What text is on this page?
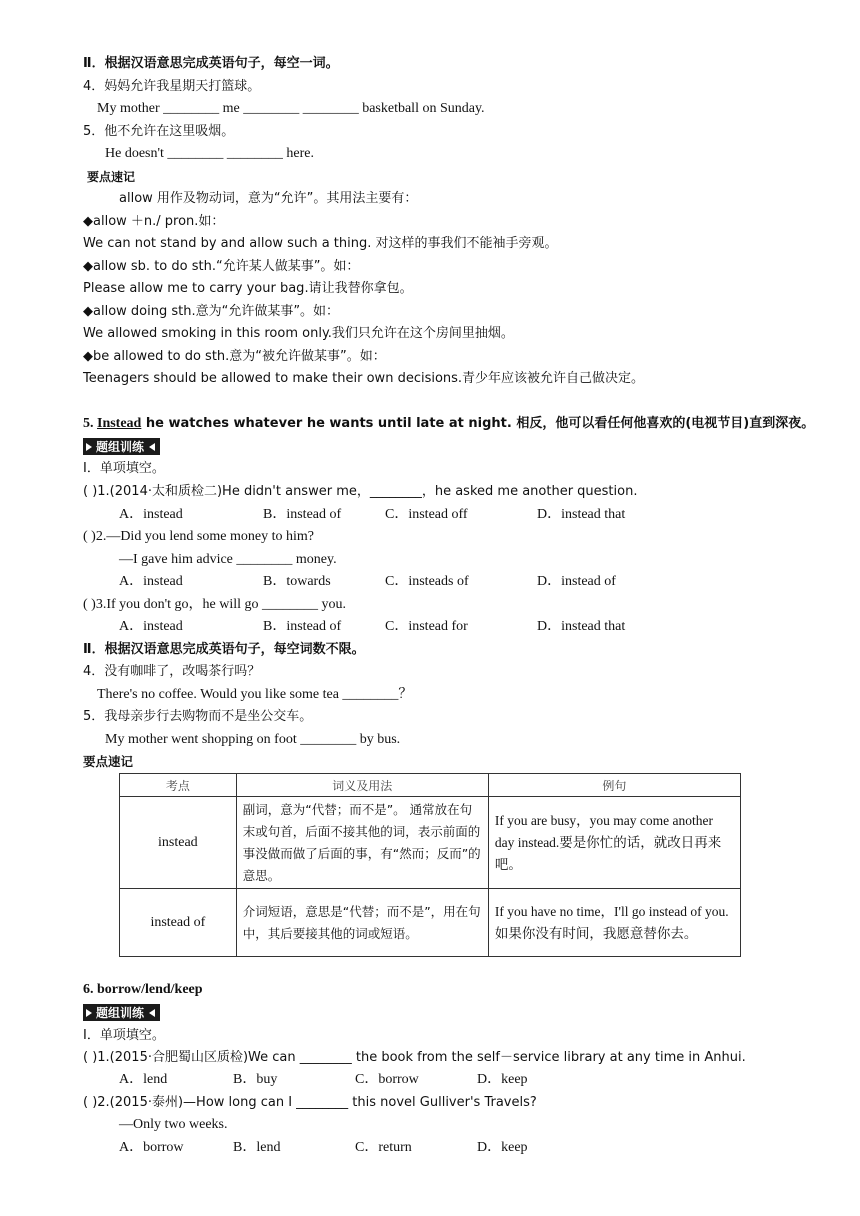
Ⅱ．根据汉语意思完成英语句子，每空一词。
4．妈妈允许我星期天打篮球。
My mother ________ me ________ ________ basketball on Sunday.
5．他不允许在这里吸烟。
He doesn't ________ ________ here.
要点速记
allow 用作及物动词，意为“允许”。其用法主要有：
◆allow ＋n./ pron.如：
We can not stand by and allow such a thing. 对这样的事我们不能袖手旁观。
◆allow sb. to do sth.“允许某人做某事”。如：
Please allow me to carry your bag.请让我替你拿包。
◆allow doing sth.意为“允许做某事”。如：
We allowed smoking in this room only.我们只允许在这个房间里抽烟。
◆be allowed to do sth.意为“被允许做某事”。如：
Teenagers should be allowed to make their own decisions.青少年应该被允许自己做决定。
5. Instead he watches whatever he wants until late at night. 相反，他可以看任何他喜欢的(电视节目)直到深夜。
题组训练
Ⅰ．单项填空。
( )1.(2014·太和质检二)He didn't answer me，________，he asked me another question.
A．instead	B．instead of	C．instead off	D．instead that
( )2.—Did you lend some money to him?
—I gave him advice ________ money.
A．instead	B．towards	C．insteads of	D．instead of
( )3.If you don't go，he will go ________ you.
A．instead	B．instead of	C．instead for	D．instead that
Ⅱ．根据汉语意思完成英语句子，每空词数不限。
4．没有咖啡了，改喝茶行吗？
There's no coffee. Would you like some tea ________？
5．我母亲步行去购物而不是坐公交车。
My mother went shopping on foot ________ by bus.
要点速记
考点	词义及用法	例句
instead	副词，意为“代替；而不是”。 通常放在句末或句首，后面不接其他的词，表示前面的事没做而做了后面的事，有“然而；反而”的意思。	If you are busy，you may come another day instead.要是你忙的话，就改日再来吧。
instead of	介词短语，意思是“代替；而不是”，用在句中，其后要接其他的词或短语。	If you have no time，I'll go instead of you.如果你没有时间，我愿意替你去。
6. borrow/lend/keep
题组训练
Ⅰ．单项填空。
( )1.(2015·合肥蜀山区质检)We can ________ the book from the self－service library at any time in Anhui.
A．lend	B．buy	C．borrow	D．keep
( )2.(2015·泰州)—How long can I ________ this novel Gulliver's Travels?
—Only two weeks.
A．borrow	B．lend	C．return	D．keep
